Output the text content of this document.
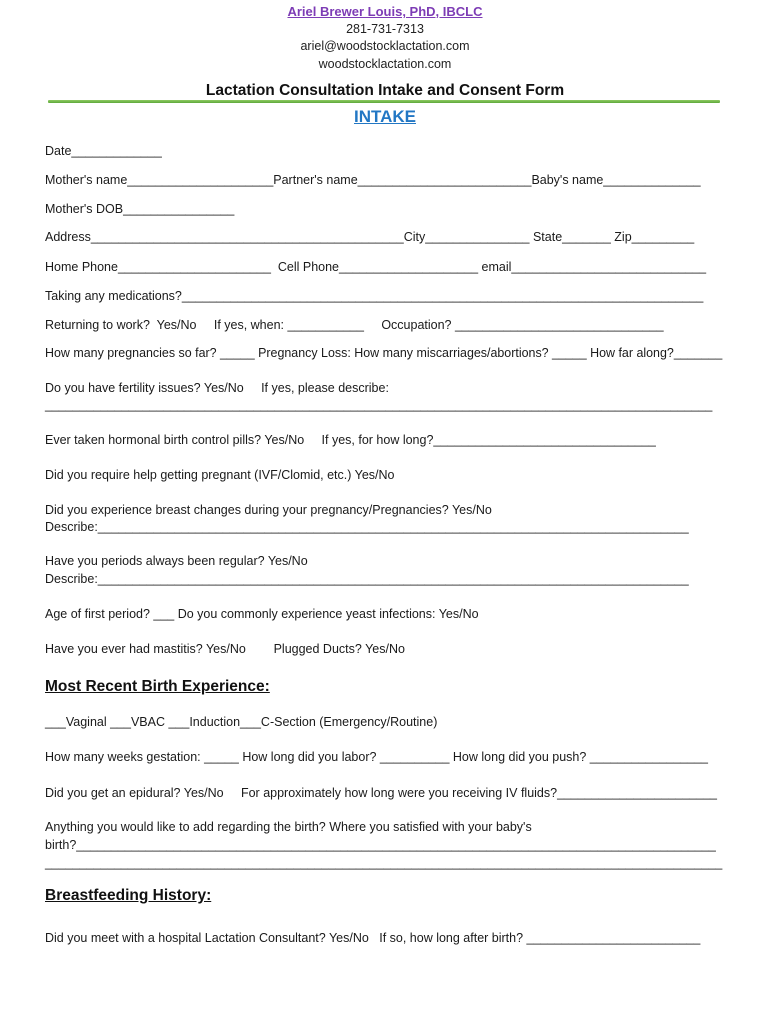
Ariel Brewer Louis, PhD, IBCLC
281-731-7313
ariel@woodstocklactation.com
woodstocklactation.com
Lactation Consultation Intake and Consent Form
INTAKE
Date_____________
Mother's name_____________________Partner's name_________________________Baby's name______________
Mother's DOB________________
Address_____________________________________________City_______________ State_______ Zip_________
Home Phone______________________  Cell Phone____________________ email____________________________
Taking any medications?___________________________________________________________________________
Returning to work?  Yes/No     If yes, when: ___________     Occupation? ______________________________
How many pregnancies so far? _____ Pregnancy Loss: How many miscarriages/abortions? _____ How far along?_______
Do you have fertility issues? Yes/No     If yes, please describe:
________________________________________________________________________________________________
Ever taken hormonal birth control pills? Yes/No     If yes, for how long?________________________________
Did you require help getting pregnant (IVF/Clomid, etc.) Yes/No
Did you experience breast changes during your pregnancy/Pregnancies? Yes/No
Describe:_____________________________________________________________________________________
Have you periods always been regular? Yes/No
Describe:_____________________________________________________________________________________
Age of first period? ___ Do you commonly experience yeast infections: Yes/No
Have you ever had mastitis? Yes/No        Plugged Ducts? Yes/No
Most Recent Birth Experience:
___Vaginal ___VBAC ___Induction___C-Section (Emergency/Routine)
How many weeks gestation: _____ How long did you labor? __________ How long did you push? _________________
Did you get an epidural? Yes/No     For approximately how long were you receiving IV fluids?_______________________
Anything you would like to add regarding the birth? Where you satisfied with your baby's
birth?____________________________________________________________________________________________
__________________________________________________________________________________________________
Breastfeeding History:
Did you meet with a hospital Lactation Consultant? Yes/No   If so, how long after birth? _________________________
